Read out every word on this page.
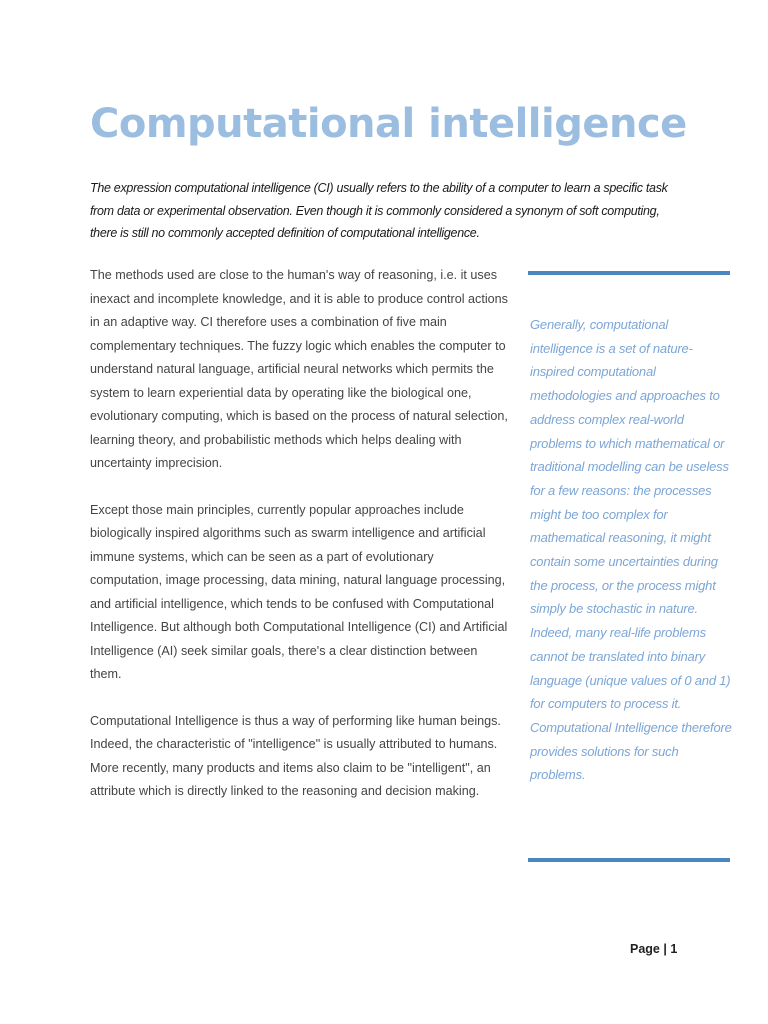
Computational intelligence

The expression computational intelligence (CI) usually refers to the ability of a computer to learn a specific task from data or experimental observation. Even though it is commonly considered a synonym of soft computing, there is still no commonly accepted definition of computational intelligence.

The methods used are close to the human's way of reasoning, i.e. it uses inexact and incomplete knowledge, and it is able to produce control actions in an adaptive way. CI therefore uses a combination of five main complementary techniques. The fuzzy logic which enables the computer to understand natural language, artificial neural networks which permits the system to learn experiential data by operating like the biological one, evolutionary computing, which is based on the process of natural selection, learning theory, and probabilistic methods which helps dealing with uncertainty imprecision.

Except those main principles, currently popular approaches include biologically inspired algorithms such as swarm intelligence and artificial immune systems, which can be seen as a part of evolutionary computation, image processing, data mining, natural language processing, and artificial intelligence, which tends to be confused with Computational Intelligence. But although both Computational Intelligence (CI) and Artificial Intelligence (AI) seek similar goals, there's a clear distinction between them.

Computational Intelligence is thus a way of performing like human beings. Indeed, the characteristic of "intelligence" is usually attributed to humans. More recently, many products and items also claim to be "intelligent", an attribute which is directly linked to the reasoning and decision making.

Generally, computational intelligence is a set of nature-inspired computational methodologies and approaches to address complex real-world problems to which mathematical or traditional modelling can be useless for a few reasons: the processes might be too complex for mathematical reasoning, it might contain some uncertainties during the process, or the process might simply be stochastic in nature. Indeed, many real-life problems cannot be translated into binary language (unique values of 0 and 1) for computers to process it. Computational Intelligence therefore provides solutions for such problems.

Page | 1
